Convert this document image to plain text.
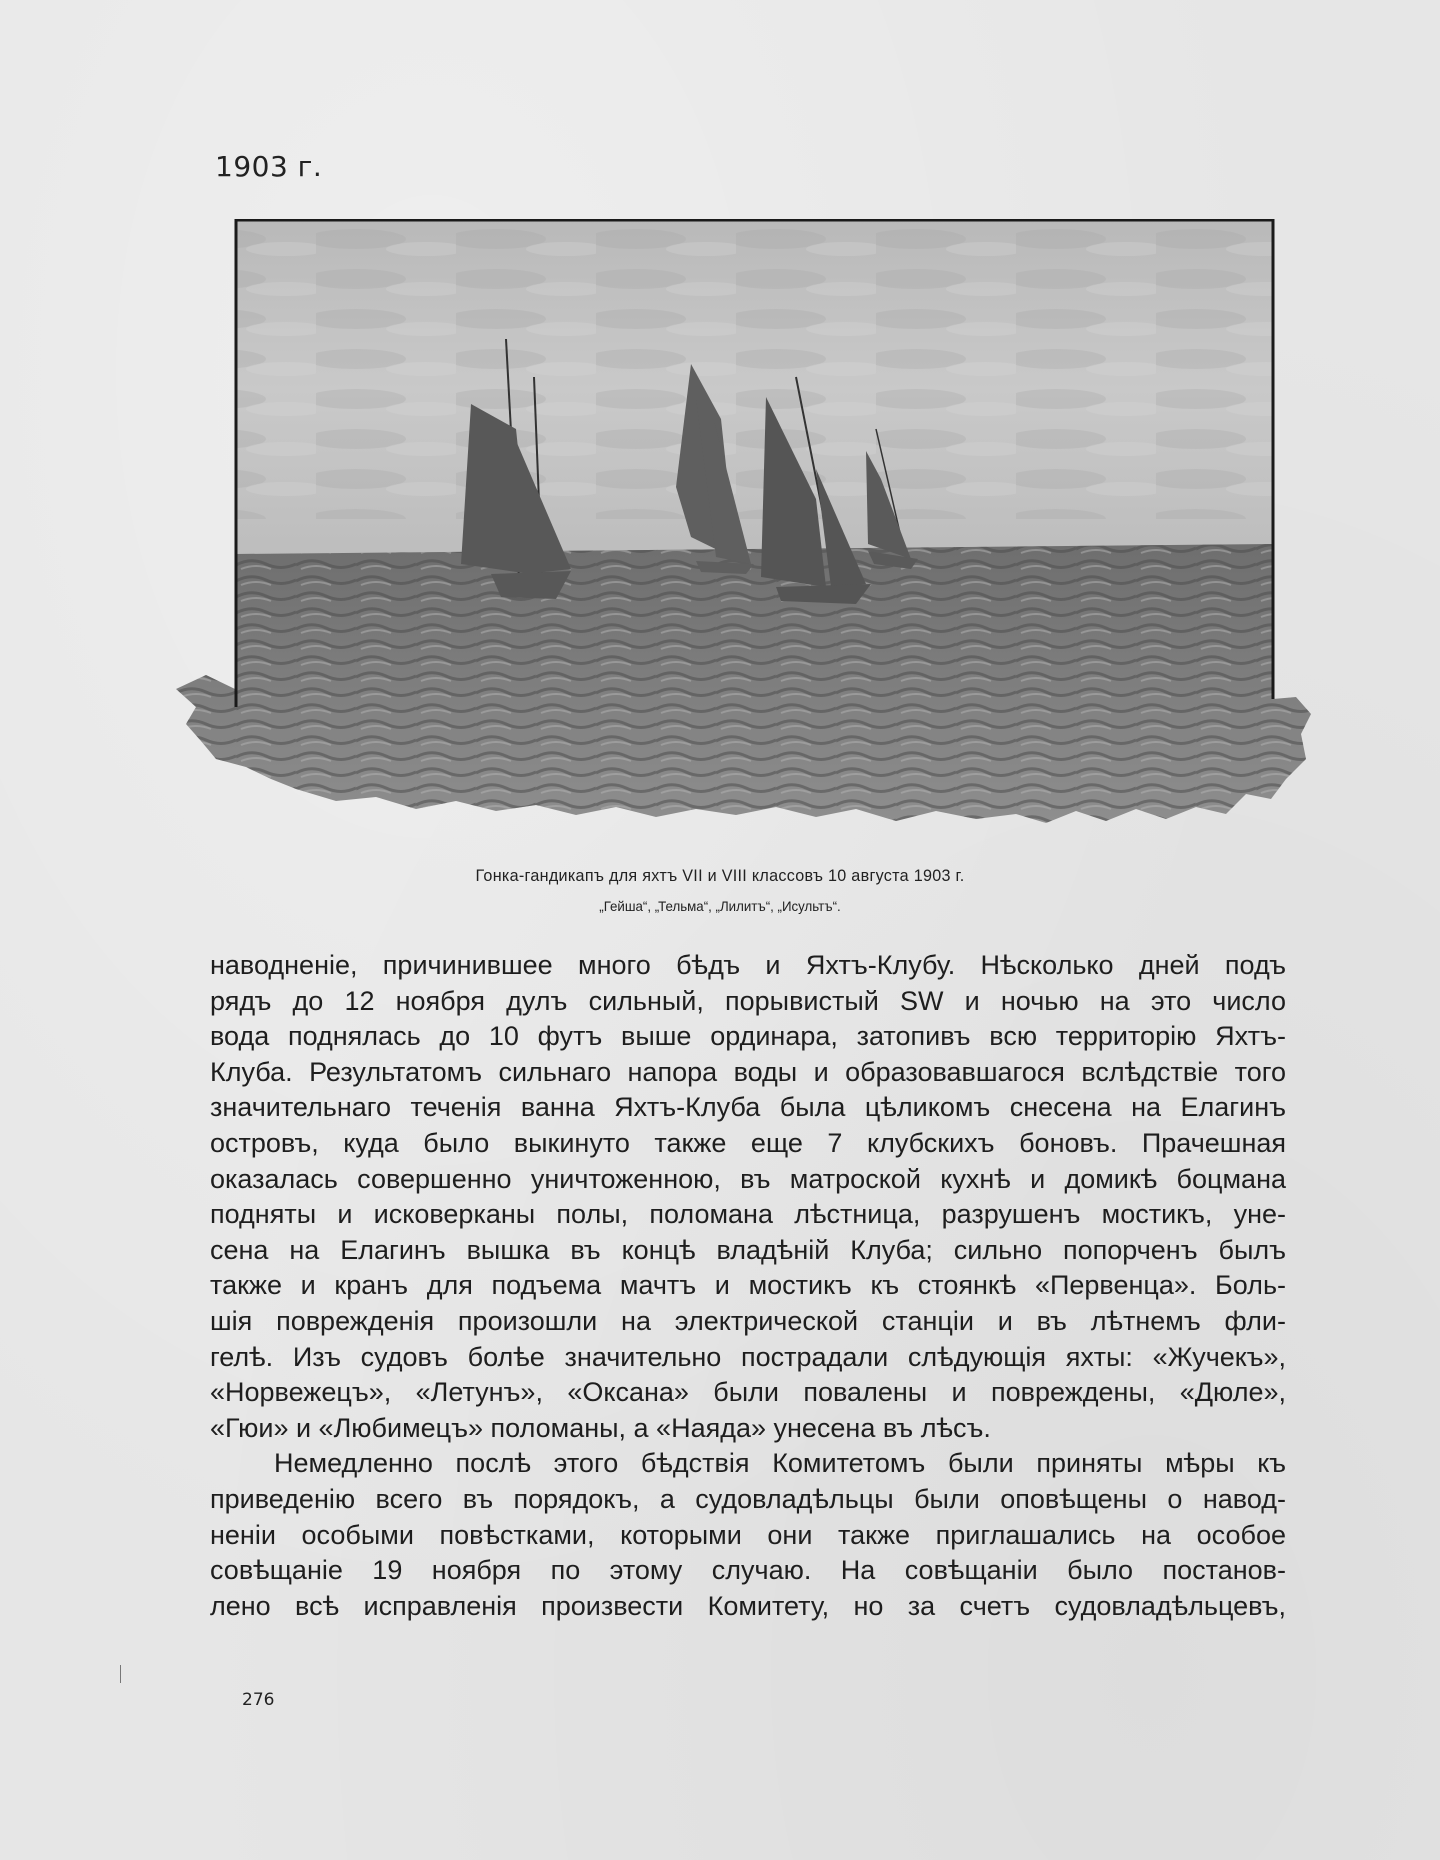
1903 г.
Гонка-гандикапъ для яхтъ VII и VIII классовъ 10 августа 1903 г.
„Гейша“, „Тельма“, „Лилитъ“, „Исультъ“.
наводненіе, причинившее много бѣдъ и Яхтъ-Клубу. Нѣсколько дней подъ
рядъ до 12 ноября дулъ сильный, порывистый SW и ночью на это число
вода поднялась до 10 футъ выше ординара, затопивъ всю территорію Яхтъ-
Клуба. Результатомъ сильнаго напора воды и образовавшагося вслѣдствіе того
значительнаго теченія ванна Яхтъ-Клуба была цѣликомъ снесена на Елагинъ
островъ, куда было выкинуто также еще 7 клубскихъ боновъ. Прачешная
оказалась совершенно уничтоженною, въ матроской кухнѣ и домикѣ боцмана
подняты и исковерканы полы, поломана лѣстница, разрушенъ мостикъ, уне-
сена на Елагинъ вышка въ концѣ владѣній Клуба; сильно попорченъ былъ
также и кранъ для подъема мачтъ и мостикъ къ стоянкѣ «Первенца». Боль-
шія поврежденія произошли на электрической станціи и въ лѣтнемъ фли-
гелѣ. Изъ судовъ болѣе значительно пострадали слѣдующія яхты: «Жучекъ»,
«Норвежецъ», «Летунъ», «Оксана» были повалены и повреждены, «Дюле»,
«Гюи» и «Любимецъ» поломаны, а «Наяда» унесена въ лѣсъ.
Немедленно послѣ этого бѣдствія Комитетомъ были приняты мѣры къ
приведенію всего въ порядокъ, а судовладѣльцы были оповѣщены о навод-
неніи особыми повѣстками, которыми они также приглашались на особое
совѣщаніе 19 ноября по этому случаю. На совѣщаніи было постанов-
лено всѣ исправленія произвести Комитету, но за счетъ судовладѣльцевъ,
276
